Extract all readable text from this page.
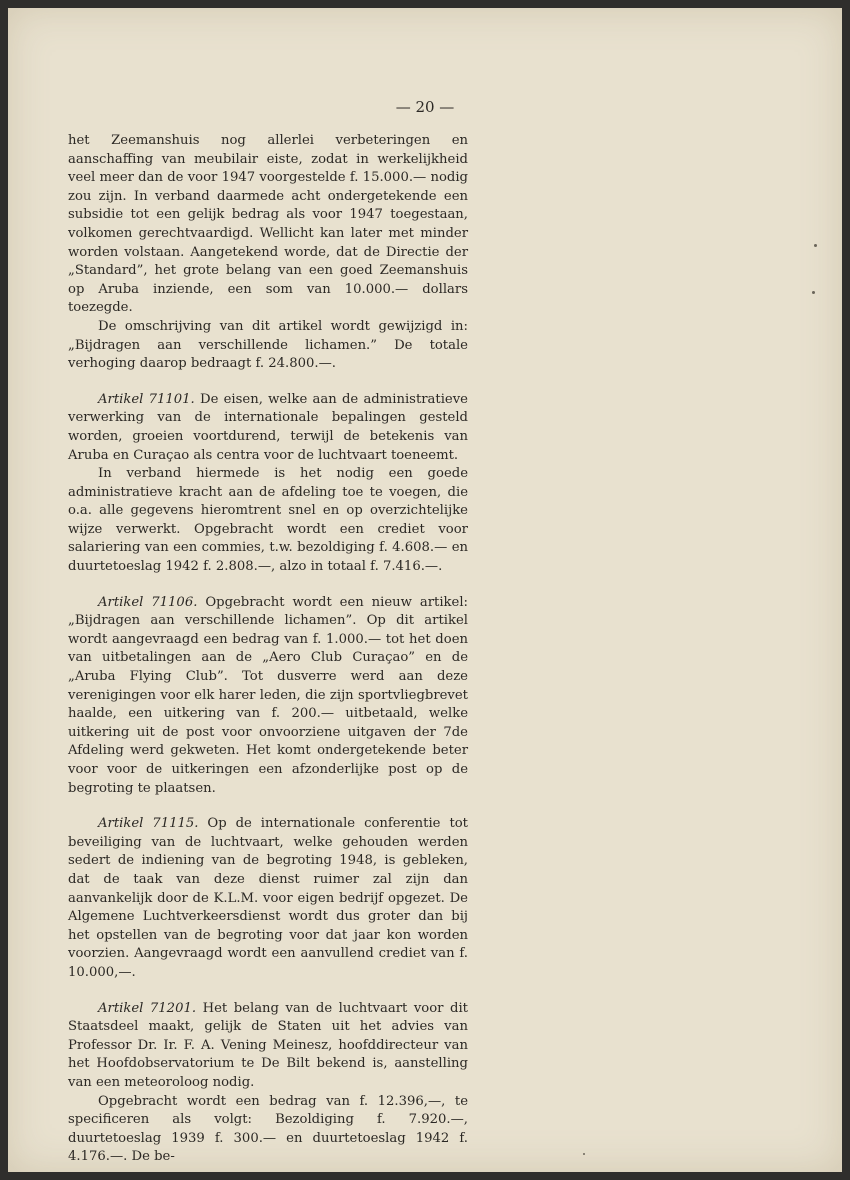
— 20 —

het Zeemanshuis nog allerlei verbeteringen en aanschaffing van meubilair eiste, zodat in werkelijkheid veel meer dan de voor 1947 voorgestelde f. 15.000.— nodig zou zijn. In verband daarmede acht ondergetekende een subsidie tot een gelijk bedrag als voor 1947 toegestaan, volkomen gerechtvaardigd. Wellicht kan later met minder worden volstaan. Aangetekend worde, dat de Directie der „Standard”, het grote belang van een goed Zeemanshuis op Aruba inziende, een som van 10.000.— dollars toezegde.

De omschrijving van dit artikel wordt gewijzigd in: „Bijdragen aan verschillende lichamen.” De totale verhoging daarop bedraagt f. 24.800.—.

Artikel 71101. De eisen, welke aan de administratieve verwerking van de internationale bepalingen gesteld worden, groeien voortdurend, terwijl de betekenis van Aruba en Curaçao als centra voor de luchtvaart toeneemt.

In verband hiermede is het nodig een goede administratieve kracht aan de afdeling toe te voegen, die o.a. alle gegevens hieromtrent snel en op overzichtelijke wijze verwerkt. Opgebracht wordt een crediet voor salariering van een commies, t.w. bezoldiging f. 4.608.— en duurtetoeslag 1942 f. 2.808.—, alzo in totaal f. 7.416.—.

Artikel 71106. Opgebracht wordt een nieuw artikel: „Bijdragen aan verschillende lichamen”. Op dit artikel wordt aangevraagd een bedrag van f. 1.000.— tot het doen van uitbetalingen aan de „Aero Club Curaçao” en de „Aruba Flying Club”. Tot dusverre werd aan deze verenigingen voor elk harer leden, die zijn sportvliegbrevet haalde, een uitkering van f. 200.— uitbetaald, welke uitkering uit de post voor onvoorziene uitgaven der 7de Afdeling werd gekweten. Het komt ondergetekende beter voor voor de uitkeringen een afzonderlijke post op de begroting te plaatsen.

Artikel 71115. Op de internationale conferentie tot beveiliging van de luchtvaart, welke gehouden werden sedert de indiening van de begroting 1948, is gebleken, dat de taak van deze dienst ruimer zal zijn dan aanvankelijk door de K.L.M. voor eigen bedrijf opgezet. De Algemene Luchtverkeersdienst wordt dus groter dan bij het opstellen van de begroting voor dat jaar kon worden voorzien. Aangevraagd wordt een aanvullend crediet van f. 10.000,—.

Artikel 71201. Het belang van de luchtvaart voor dit Staatsdeel maakt, gelijk de Staten uit het advies van Professor Dr. Ir. F. A. Vening Meinesz, hoofddirecteur van het Hoofdobservatorium te De Bilt bekend is, aanstelling van een meteoroloog nodig.

Opgebracht wordt een bedrag van f. 12.396,—, te specificeren als volgt: Bezoldiging f. 7.920.—, duurtetoeslag 1939 f. 300.— en duurtetoeslag 1942 f. 4.176.—. De be-
